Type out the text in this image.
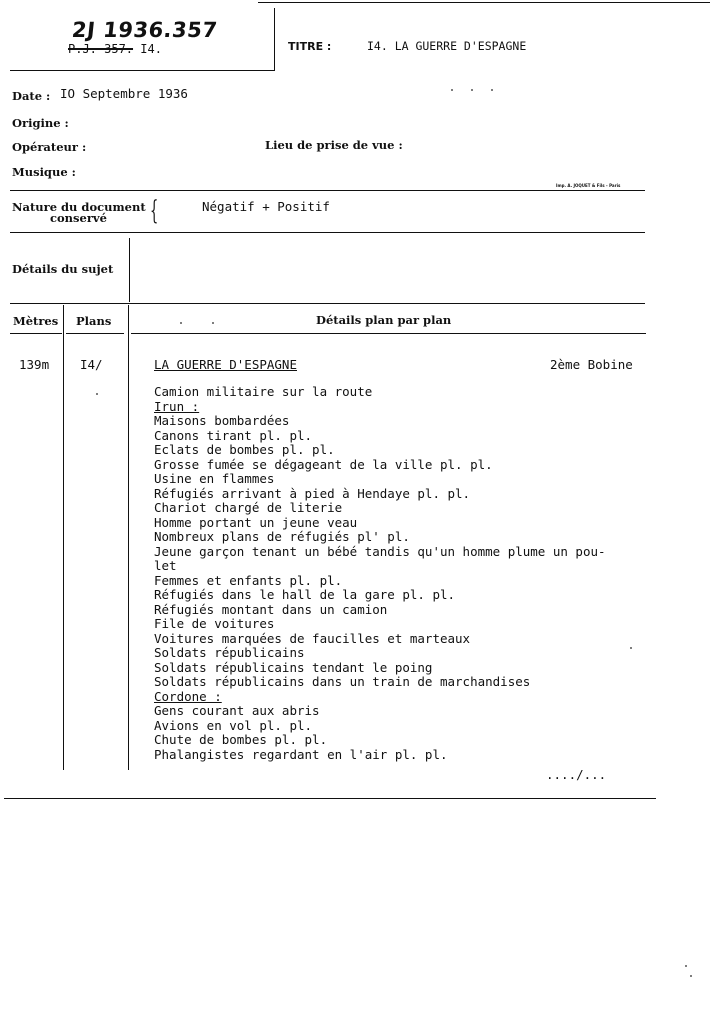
2J 1936.357
P.J. 357. I4.	TITRE :	I4. LA GUERRE D'ESPAGNE
Date : IO Septembre 1936
Origine :
Opérateur :	Lieu de prise de vue :
Musique :
Imp. A. JOQUET & Fils - Paris
Nature du document
conservé {	Négatif + Positif
Détails du sujet
Mètres Plans	Détails plan par plan
139m I4/	LA GUERRE D'ESPAGNE	2ème Bobine
Camion militaire sur la route
Irun :
Maisons bombardées
Canons tirant pl. pl.
Eclats de bombes pl. pl.
Grosse fumée se dégageant de la ville pl. pl.
Usine en flammes
Réfugiés arrivant à pied à Hendaye pl. pl.
Chariot chargé de literie
Homme portant un jeune veau
Nombreux plans de réfugiés pl' pl.
Jeune garçon tenant un bébé tandis qu'un homme plume un pou-
let
Femmes et enfants pl. pl.
Réfugiés dans le hall de la gare pl. pl.
Réfugiés montant dans un camion
File de voitures
Voitures marquées de faucilles et marteaux
Soldats républicains
Soldats républicains tendant le poing
Soldats républicains dans un train de marchandises
Cordone :
Gens courant aux abris
Avions en vol pl. pl.
Chute de bombes pl. pl.
Phalangistes regardant en l'air pl. pl.
..../...
